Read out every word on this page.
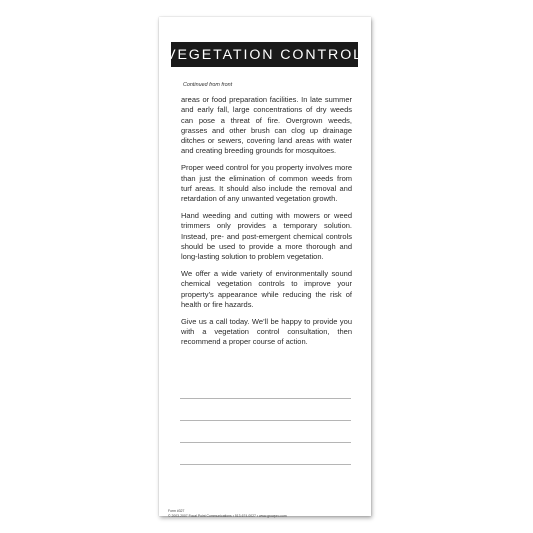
VEGETATION CONTROL
Continued from front

areas or food preparation facilities. In late summer and early fall, large concentrations of dry weeds can pose a threat of fire. Overgrown weeds, grasses and other brush can clog up drainage ditches or sewers, covering land areas with water and creating breeding grounds for mosquitoes.

Proper weed control for you property involves more than just the elimination of common weeds from turf areas. It should also include the removal and retardation of any unwanted vegetation growth.

Hand weeding and cutting with mowers or weed trimmers only provides a temporary solution. Instead, pre- and post-emergent chemical controls should be used to provide a more thorough and long-lasting solution to problem vegetation.

We offer a wide variety of environmentally sound chemical vegetation controls to improve your property’s appearance while reducing the risk of health or fire hazards.

Give us a call today. We’ll be happy to provide you with a vegetation control consultation, then recommend a proper course of action.

Form #327
© 2003-2007 Focal Point Communications • 513-674-0027 • www.growpro.com
